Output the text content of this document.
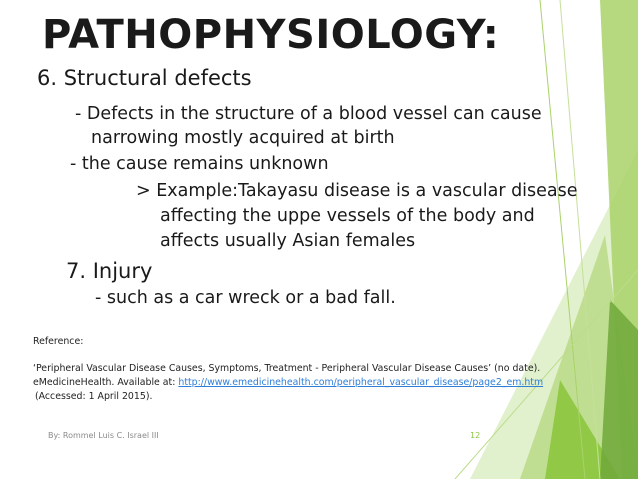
PATHOPHYSIOLOGY:
6. Structural defects
- Defects in the structure of a blood vessel can cause
narrowing mostly acquired at birth
- the cause remains unknown
> Example:Takayasu disease is a vascular disease
affecting the uppe vessels of the body and
affects usually Asian females
7. Injury
- such as a car wreck or a bad fall.
Reference:
‘Peripheral Vascular Disease Causes, Symptoms, Treatment - Peripheral Vascular Disease Causes’ (no date).
eMedicineHealth. Available at: http://www.emedicinehealth.com/peripheral_vascular_disease/page2_em.htm
(Accessed: 1 April 2015).
By: Rommel Luis C. Israel III	12
